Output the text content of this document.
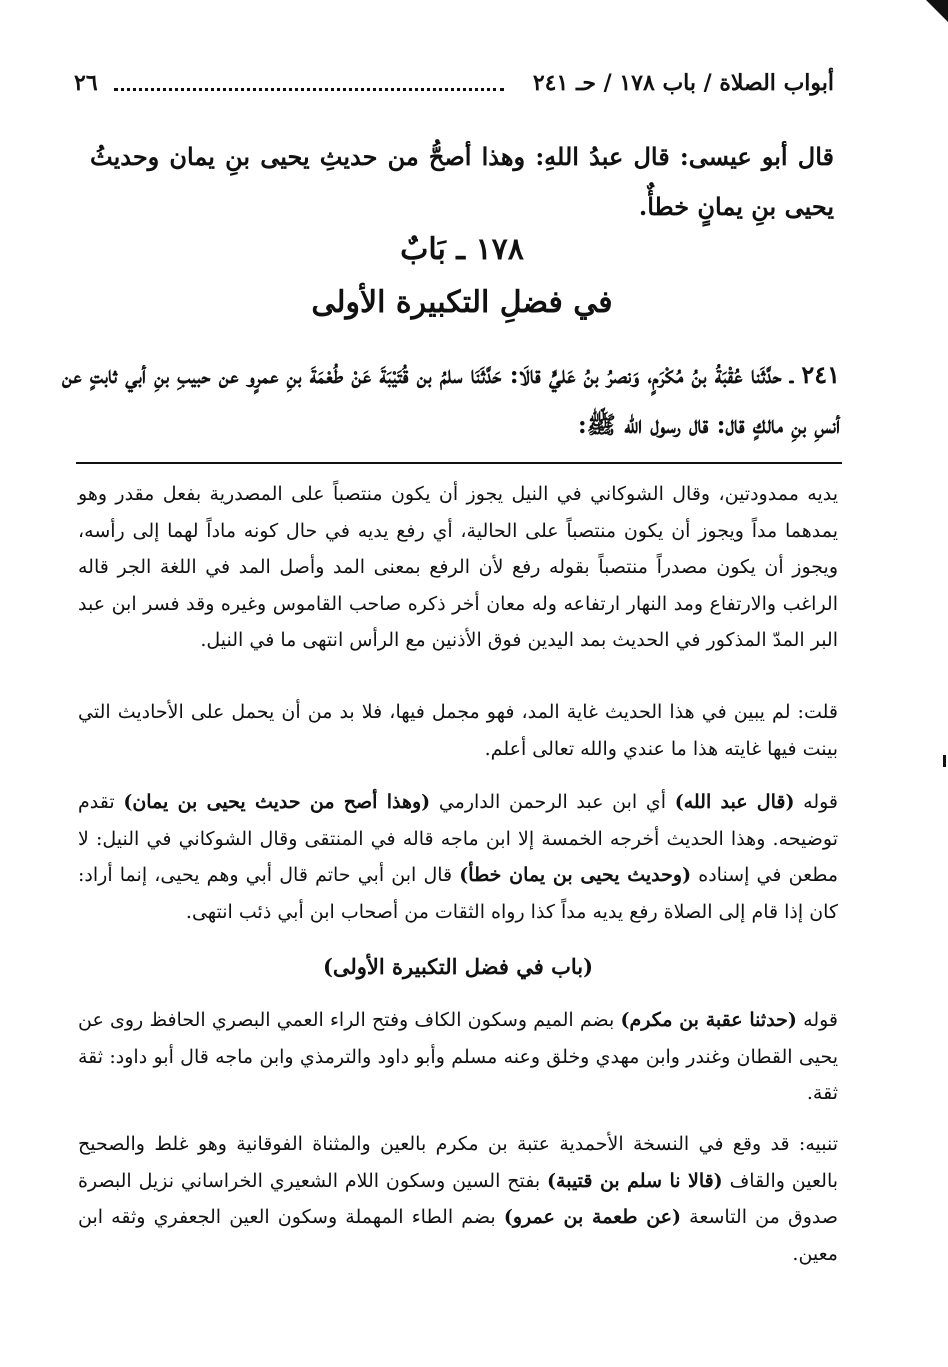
أبواب الصلاة / باب ١٧٨ / حـ ٢٤١
٢٦
قال أبو عيسى: قال عبدُ اللهِ: وهذا أصحُّ من حديثِ يحيى بنِ يمان وحديثُ يحيى بنِ يمانٍ خطأٌ.
١٧٨ ـ بَابٌ
في فضلِ التكبيرة الأولى
٢٤١ ـ حدَّثَنا عُقْبَةُ بنُ مُكْرَمٍ، وَنصرُ بنُ عَليٍّ قالَا: حَدَّثَنَا سلمُ بن قُتَيْبَةَ عَنْ طُعْمَةَ بنِ عمرٍو عن حبيبِ بنِ أبي ثابتٍ عن أنسِ بنِ مالكٍ قال: قال رسول الله ﷺ:
يديه ممدودتين، وقال الشوكاني في النيل يجوز أن يكون منتصباً على المصدرية بفعل مقدر وهو يمدهما مداً ويجوز أن يكون منتصباً على الحالية، أي رفع يديه في حال كونه ماداً لهما إلى رأسه، ويجوز أن يكون مصدراً منتصباً بقوله رفع لأن الرفع بمعنى المد وأصل المد في اللغة الجر قاله الراغب والارتفاع ومد النهار ارتفاعه وله معان أخر ذكره صاحب القاموس وغيره وقد فسر ابن عبد البر المدّ المذكور في الحديث بمد اليدين فوق الأذنين مع الرأس انتهى ما في النيل.
قلت: لم يبين في هذا الحديث غاية المد، فهو مجمل فيها، فلا بد من أن يحمل على الأحاديث التي بينت فيها غايته هذا ما عندي والله تعالى أعلم.
قوله (قال عبد الله) أي ابن عبد الرحمن الدارمي (وهذا أصح من حديث يحيى بن يمان) تقدم توضيحه. وهذا الحديث أخرجه الخمسة إلا ابن ماجه قاله في المنتقى وقال الشوكاني في النيل: لا مطعن في إسناده (وحديث يحيى بن يمان خطأ) قال ابن أبي حاتم قال أبي وهم يحيى، إنما أراد: كان إذا قام إلى الصلاة رفع يديه مداً كذا رواه الثقات من أصحاب ابن أبي ذئب انتهى.
(باب في فضل التكبيرة الأولى)
قوله (حدثنا عقبة بن مكرم) بضم الميم وسكون الكاف وفتح الراء العمي البصري الحافظ روى عن يحيى القطان وغندر وابن مهدي وخلق وعنه مسلم وأبو داود والترمذي وابن ماجه قال أبو داود: ثقة ثقة.
تنبيه: قد وقع في النسخة الأحمدية عتبة بن مكرم بالعين والمثناة الفوقانية وهو غلط والصحيح بالعين والقاف (قالا نا سلم بن قتيبة) بفتح السين وسكون اللام الشعيري الخراساني نزيل البصرة صدوق من التاسعة (عن طعمة بن عمرو) بضم الطاء المهملة وسكون العين الجعفري وثقه ابن معين.
